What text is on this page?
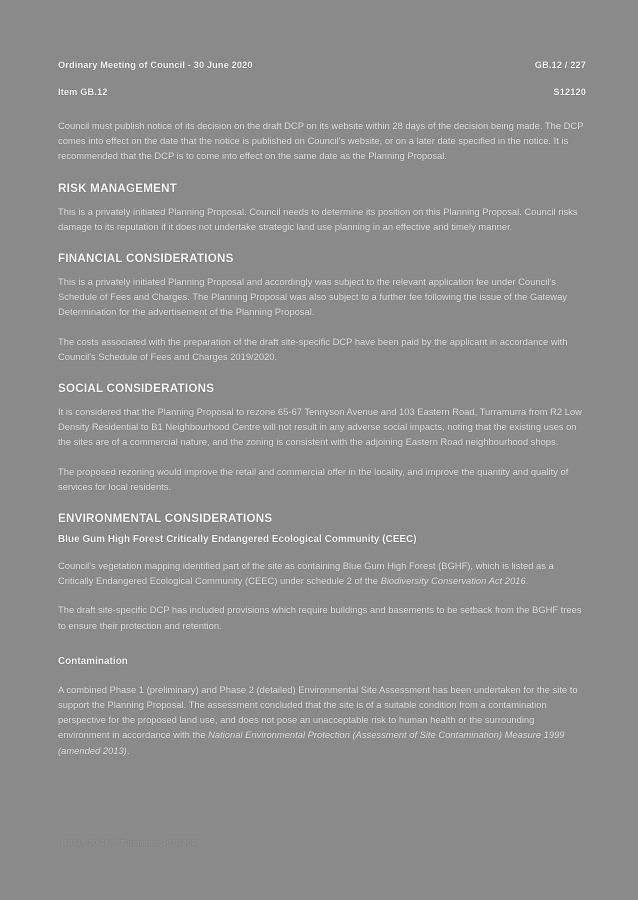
Ordinary Meeting of Council - 30 June 2020	GB.12 / 227
Item GB.12	S12120

Council must publish notice of its decision on the draft DCP on its website within 28 days of the decision being made. The DCP comes into effect on the date that the notice is published on Council's website, or on a later date specified in the notice. It is recommended that the DCP is to come into effect on the same date as the Planning Proposal.

RISK MANAGEMENT

This is a privately initiated Planning Proposal. Council needs to determine its position on this Planning Proposal. Council risks damage to its reputation if it does not undertake strategic land use planning in an effective and timely manner.

FINANCIAL CONSIDERATIONS

This is a privately initiated Planning Proposal and accordingly was subject to the relevant application fee under Council's Schedule of Fees and Charges. The Planning Proposal was also subject to a further fee following the issue of the Gateway Determination for the advertisement of the Planning Proposal.

The costs associated with the preparation of the draft site-specific DCP have been paid by the applicant in accordance with Council's Schedule of Fees and Charges 2019/2020.

SOCIAL CONSIDERATIONS

It is considered that the Planning Proposal to rezone 65-67 Tennyson Avenue and 103 Eastern Road, Turramurra from R2 Low Density Residential to B1 Neighbourhood Centre will not result in any adverse social impacts, noting that the existing uses on the sites are of a commercial nature, and the zoning is consistent with the adjoining Eastern Road neighbourhood shops.

The proposed rezoning would improve the retail and commercial offer in the locality, and improve the quantity and quality of services for local residents.

ENVIRONMENTAL CONSIDERATIONS
Blue Gum High Forest Critically Endangered Ecological Community (CEEC)

Council's vegetation mapping identified part of the site as containing Blue Gum High Forest (BGHF), which is listed as a Critically Endangered Ecological Community (CEEC) under schedule 2 of the Biodiversity Conservation Act 2016.

The draft site-specific DCP has included provisions which require buildings and basements to be setback from the BGHF trees to ensure their protection and retention.

Contamination

A combined Phase 1 (preliminary) and Phase 2 (detailed) Environmental Site Assessment has been undertaken for the site to support the Planning Proposal. The assessment concluded that the site is of a suitable condition from a contamination perspective for the proposed land use, and does not pose an unacceptable risk to human health or the surrounding environment in accordance with the National Environmental Protection (Assessment of Site Contamination) Measure 1999 (amended 2013).

N10310-20-2020-Turramurra 1030/2020
